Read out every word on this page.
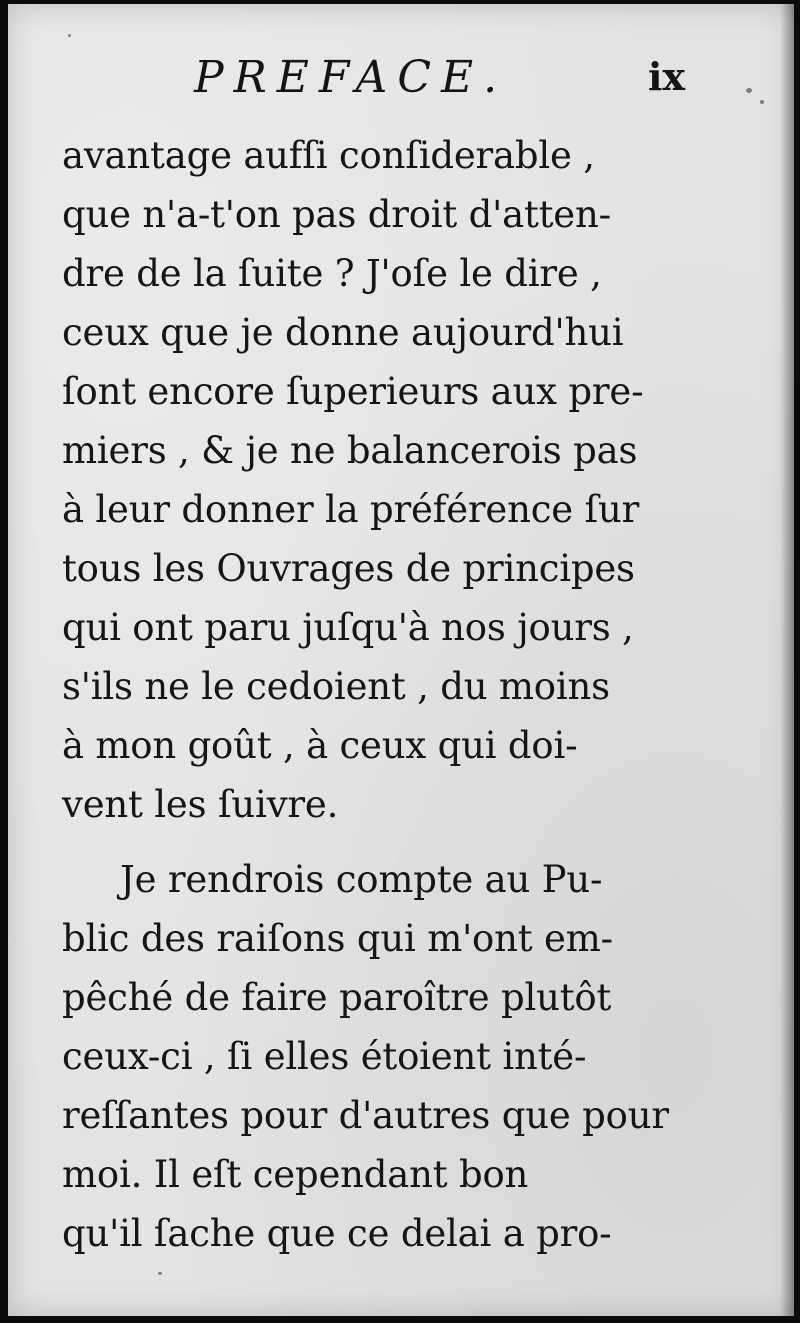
PREFACE.	ix
avantage aufſi conſiderable ,
que n'a-t'on pas droit d'atten-
dre de la ſuite ? J'oſe le dire ,
ceux que je donne aujourd'hui
ſont encore ſuperieurs aux pre-
miers , & je ne balancerois pas
à leur donner la préférence ſur
tous les Ouvrages de principes
qui ont paru juſqu'à nos jours ,
s'ils ne le cedoient , du moins
à mon goût , à ceux qui doi-
vent les ſuivre.
Je rendrois compte au Pu-
blic des raiſons qui m'ont em-
pêché de faire paroître plutôt
ceux-ci , ſi elles étoient inté-
reſſantes pour d'autres que pour
moi. Il eſt cependant bon
qu'il ſache que ce delai a pro-
